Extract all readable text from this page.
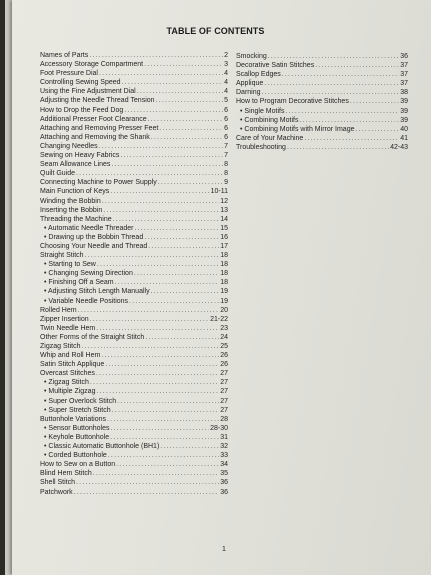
TABLE OF CONTENTS
Names of Parts .....	2
Accessory Storage Compartment .....	3
Foot Pressure Dial .....	4
Controlling Sewing Speed .....	4
Using the Fine Adjustment Dial .....	4
Adjusting the Needle Thread Tension .....	5
How to Drop the Feed Dog .....	6
Additional Presser Foot Clearance .....	6
Attaching and Removing Presser Feet .....	6
Attaching and Removing the Shank .....	6
Changing Needles .....	7
Sewing on Heavy Fabrics .....	7
Seam Allowance Lines .....	8
Quilt Guide .....	8
Connecting Machine to Power Supply .....	9
Main Function of Keys .....	10-11
Winding the Bobbin .....	12
Inserting the Bobbin .....	13
Threading the Machine .....	14
• Automatic Needle Threader .....	15
• Drawing up the Bobbin Thread .....	16
Choosing Your Needle and Thread .....	17
Straight Stitch .....	18
• Starting to Sew .....	18
• Changing Sewing Direction .....	18
• Finishing Off a Seam .....	18
• Adjusting Stitch Length Manually .....	19
• Variable Needle Positions .....	19
Rolled Hem .....	20
Zipper Insertion .....	21-22
Twin Needle Hem .....	23
Other Forms of the Straight Stitch .....	24
Zigzag Stitch .....	25
Whip and Roll Hem .....	26
Satin Stitch Applique .....	26
Overcast Stitches .....	27
• Zigzag Stitch .....	27
• Multiple Zigzag .....	27
• Super Overlock Stitch .....	27
• Super Stretch Stitch .....	27
Buttonhole Variations .....	28
• Sensor Buttonholes .....	28-30
• Keyhole Buttonhole .....	31
• Classic Automatic Buttonhole (BH1) .....	32
• Corded Buttonhole .....	33
How to Sew on a Button .....	34
Blind Hem Stitch .....	35
Shell Stitch .....	36
Patchwork .....	36
Smocking .....	36
Decorative Satin Stitches .....	37
Scallop Edges .....	37
Applique .....	37
Darning .....	38
How to Program Decorative Stitches .....	39
• Single Motifs .....	39
• Combining Motifs .....	39
• Combining Motifs with Mirror Image .....	40
Care of Your Machine .....	41
Troubleshooting .....	42-43
1
